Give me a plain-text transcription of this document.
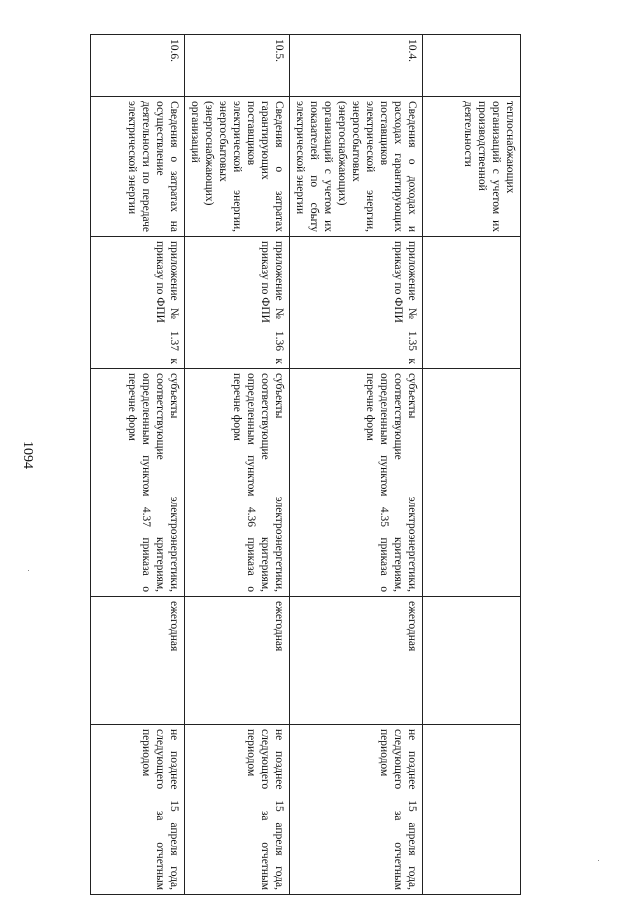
1094
	теплоснабжающих организаций с учетом их производственной деятельности				
10.4.	Сведения о доходах и расходах гарантирующих поставщиков электрической энергии, энергосбытовых (энергоснабжающих) организаций с учетом их показателей по сбыту электрической энергии	приложение № 1.35 к приказу по ФПИ	субъекты электроэнергетики, соответствующие критериям, определенным пунктом 4.35 приказа о перечне форм	ежегодная	не позднее 15 апреля года, следующего за отчетным периодом
10.5.	Сведения о затратах гарантирующих поставщиков электрической энергии, энергосбытовых (энергоснабжающих) организаций	приложение № 1.36 к приказу по ФПИ	субъекты электроэнергетики, соответствующие критериям, определенным пунктом 4.36 приказа о перечне форм	ежегодная	не позднее 15 апреля года, следующего за отчетным периодом
10.6.	Сведения о затратах на осуществление деятельности по передаче электрической энергии	приложение № 1.37 к приказу по ФПИ	субъекты электроэнергетики, соответствующие критериям, определенным пунктом 4.37 приказа о перечне форм	ежегодная	не позднее 15 апреля года, следующего за отчетным периодом
